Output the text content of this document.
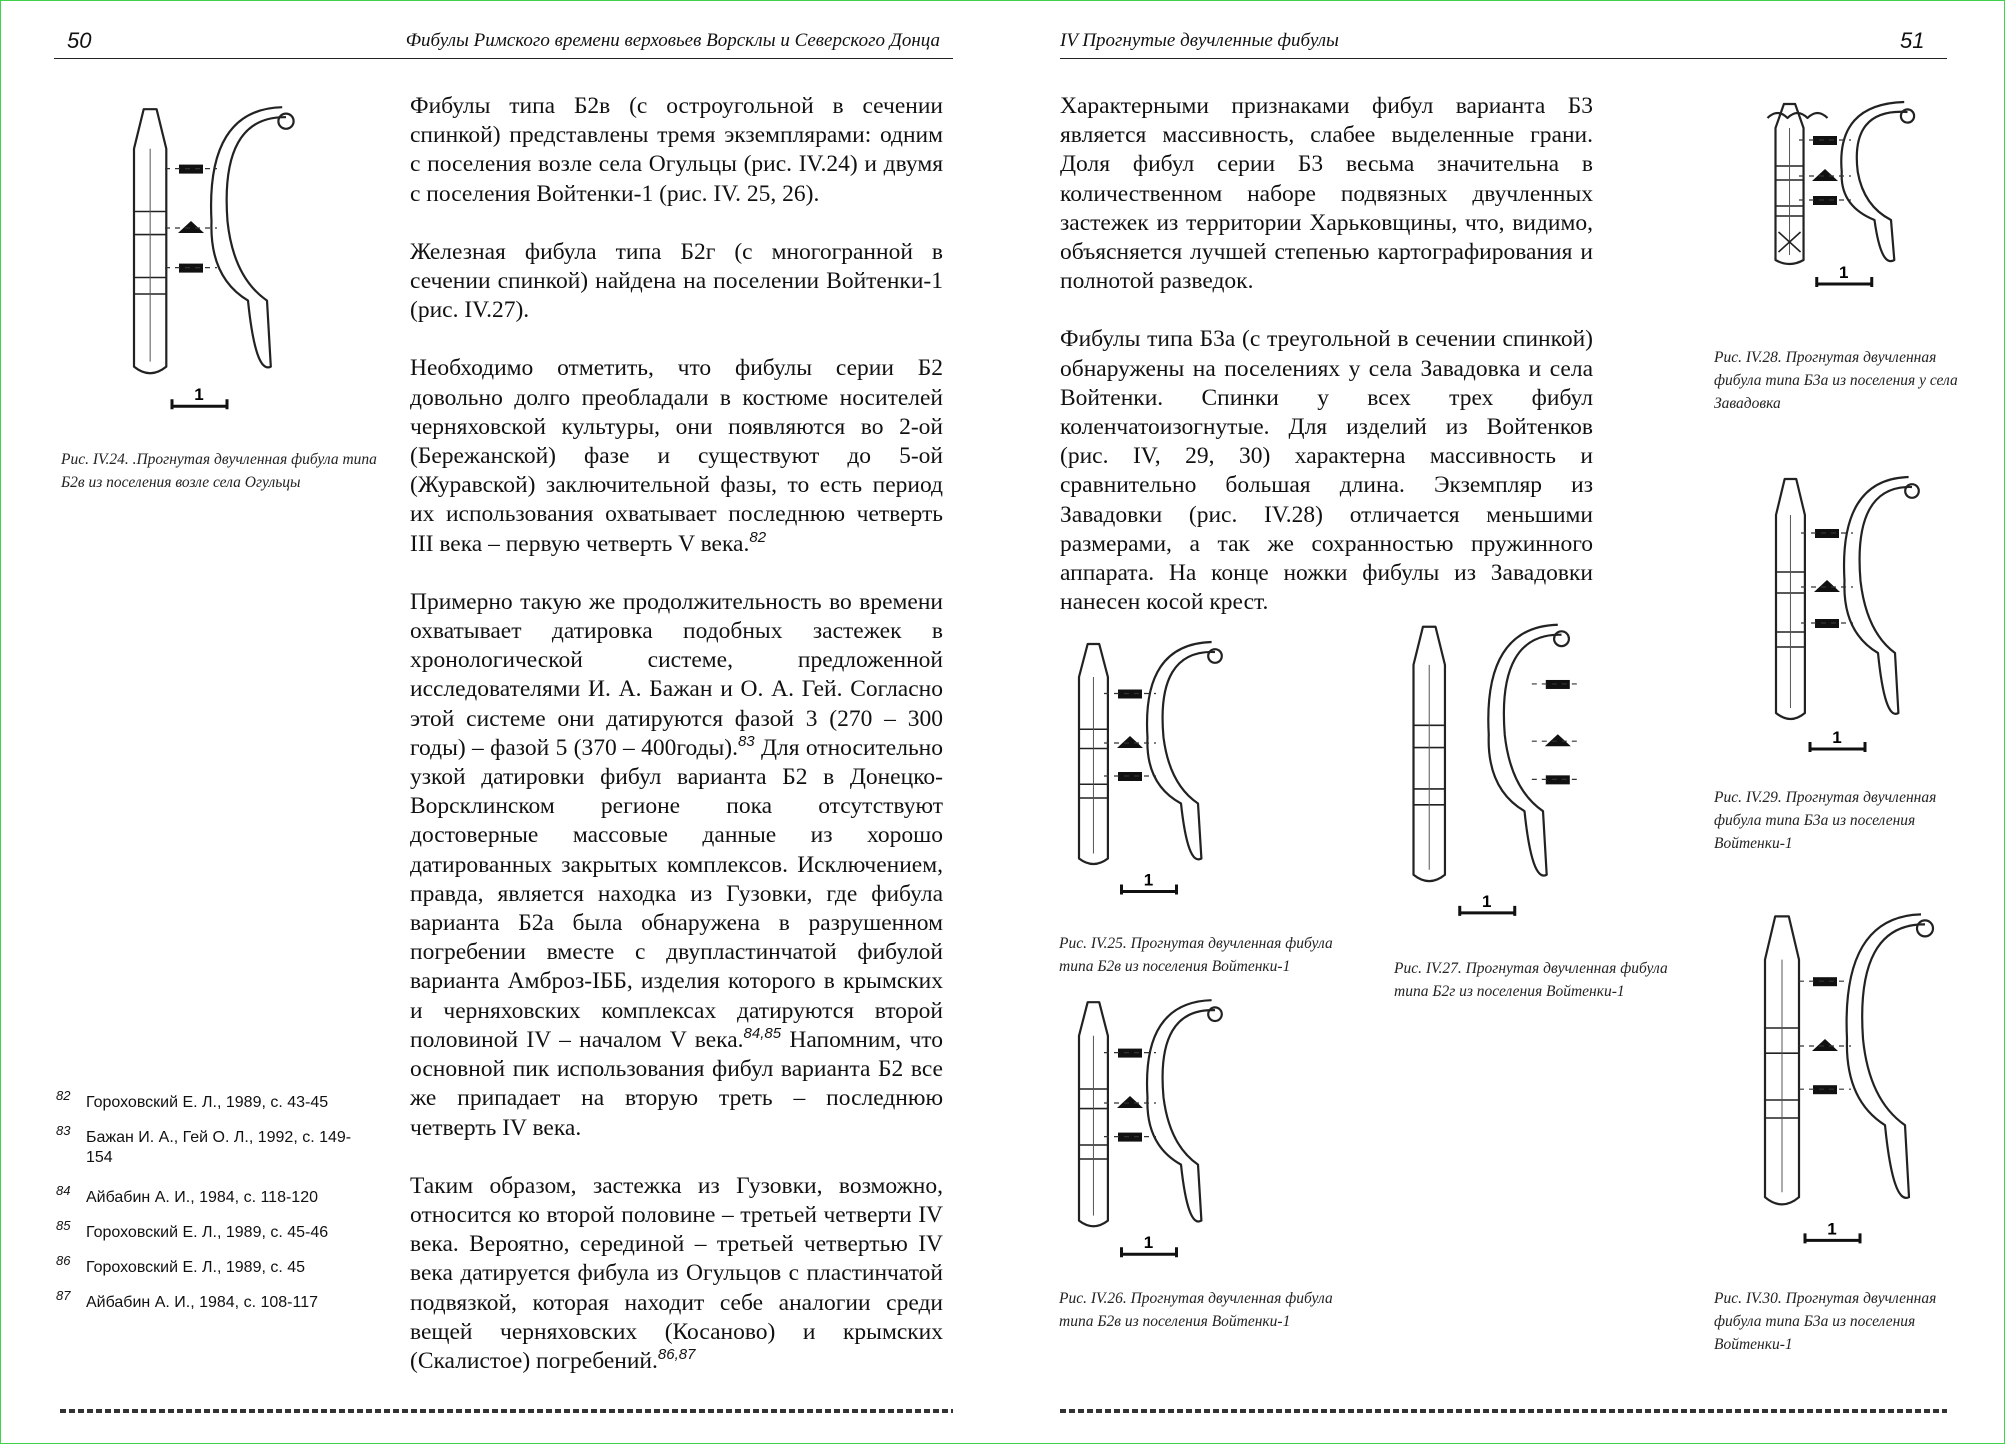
50	Фибулы Римского времени верховьев Ворсклы и Северского Донца
1
Рис. IV.24. .Прогнутая двучленная фибула типа Б2в из поселения возле села Огульцы

Фибулы типа Б2в (с остроугольной в сечении спинкой) представлены тремя экземплярами: одним с поселения возле села Огульцы (рис. IV.24) и двумя с поселения Войтенки-1 (рис. IV. 25, 26).

Железная фибула типа Б2г (с многогранной в сечении спинкой) найдена на поселении Войтенки-1 (рис. IV.27).

Необходимо отметить, что фибулы серии Б2 довольно долго преобладали в костюме носителей черняховской культуры, они появляются во 2-ой (Бережанской) фазе и существуют до 5-ой (Журавской) заключительной фазы, то есть период их использования охватывает последнюю четверть III века – первую четверть V века.$^{82}$

Примерно такую же продолжительность во времени охватывает датировка подобных застежек в хронологической системе, предложенной исследователями И. А. Бажан и О. А. Гей. Согласно этой системе они датируются фазой 3 (270 – 300 годы) – фазой 5 (370 – 400годы).$^{83}$ Для относительно узкой датировки фибул варианта Б2 в Донецко-Ворсклинском регионе пока отсутствуют достоверные массовые данные из хорошо датированных закрытых комплексов. Исключением, правда, является находка из Гузовки, где фибула варианта Б2а была обнаружена в разрушенном погребении вместе с двупластинчатой фибулой варианта Амброз-IББ, изделия которого в крымских и черняховских комплексах датируются второй половиной IV – началом V века.$^{84,85}$ Напомним, что основной пик использования фибул варианта Б2 все же припадает на вторую треть – последнюю четверть IV века.

Таким образом, застежка из Гузовки, возможно, относится ко второй половине – третьей четверти IV века. Вероятно, серединой – третьей четвертью IV века датируется фибула из Огульцов с пластинчатой подвязкой, которая находит себе аналогии среди вещей черняховских (Косаново) и крымских (Скалистое) погребений.$^{86,87}$

82 Гороховский Е. Л., 1989, с. 43-45
83 Бажан И. А., Гей О. Л., 1992, с. 149-154
84 Айбабин А. И., 1984, с. 118-120
85 Гороховский Е. Л., 1989, с. 45-46
86 Гороховский Е. Л., 1989, с. 45
87 Айбабин А. И., 1984, с. 108-117
IV Прогнутые двучленные фибулы	51

Характерными признаками фибул варианта Б3 является массивность, слабее выделенные грани. Доля фибул серии Б3 весьма значительна в количественном наборе подвязных двучленных застежек из территории Харьковщины, что, видимо, объясняется лучшей степенью картографирования и полнотой разведок.

Фибулы типа Б3а (с треугольной в сечении спинкой) обнаружены на поселениях у села Завадовка и села Войтенки. Спинки у всех трех фибул коленчатоизогнутые. Для изделий из Войтенков (рис. IV, 29, 30) характерна массивность и сравнительно большая длина. Экземпляр из Завадовки (рис. IV.28) отличается меньшими размерами, а так же сохранностью пружинного аппарата. На конце ножки фибулы из Завадовки нанесен косой крест.

1
Рис. IV.25. Прогнутая двучленная фибула типа Б2в из поселения Войтенки-1
1
Рис. IV.26. Прогнутая двучленная фибула типа Б2в из поселения Войтенки-1
1
Рис. IV.27. Прогнутая двучленная фибула типа Б2г из поселения Войтенки-1
1
Рис. IV.28. Прогнутая двучленная фибула типа Б3а из поселения у села Завадовка
1
Рис. IV.29. Прогнутая двучленная фибула типа Б3а из поселения Войтенки-1
1
Рис. IV.30. Прогнутая двучленная фибула типа Б3а из поселения Войтенки-1
